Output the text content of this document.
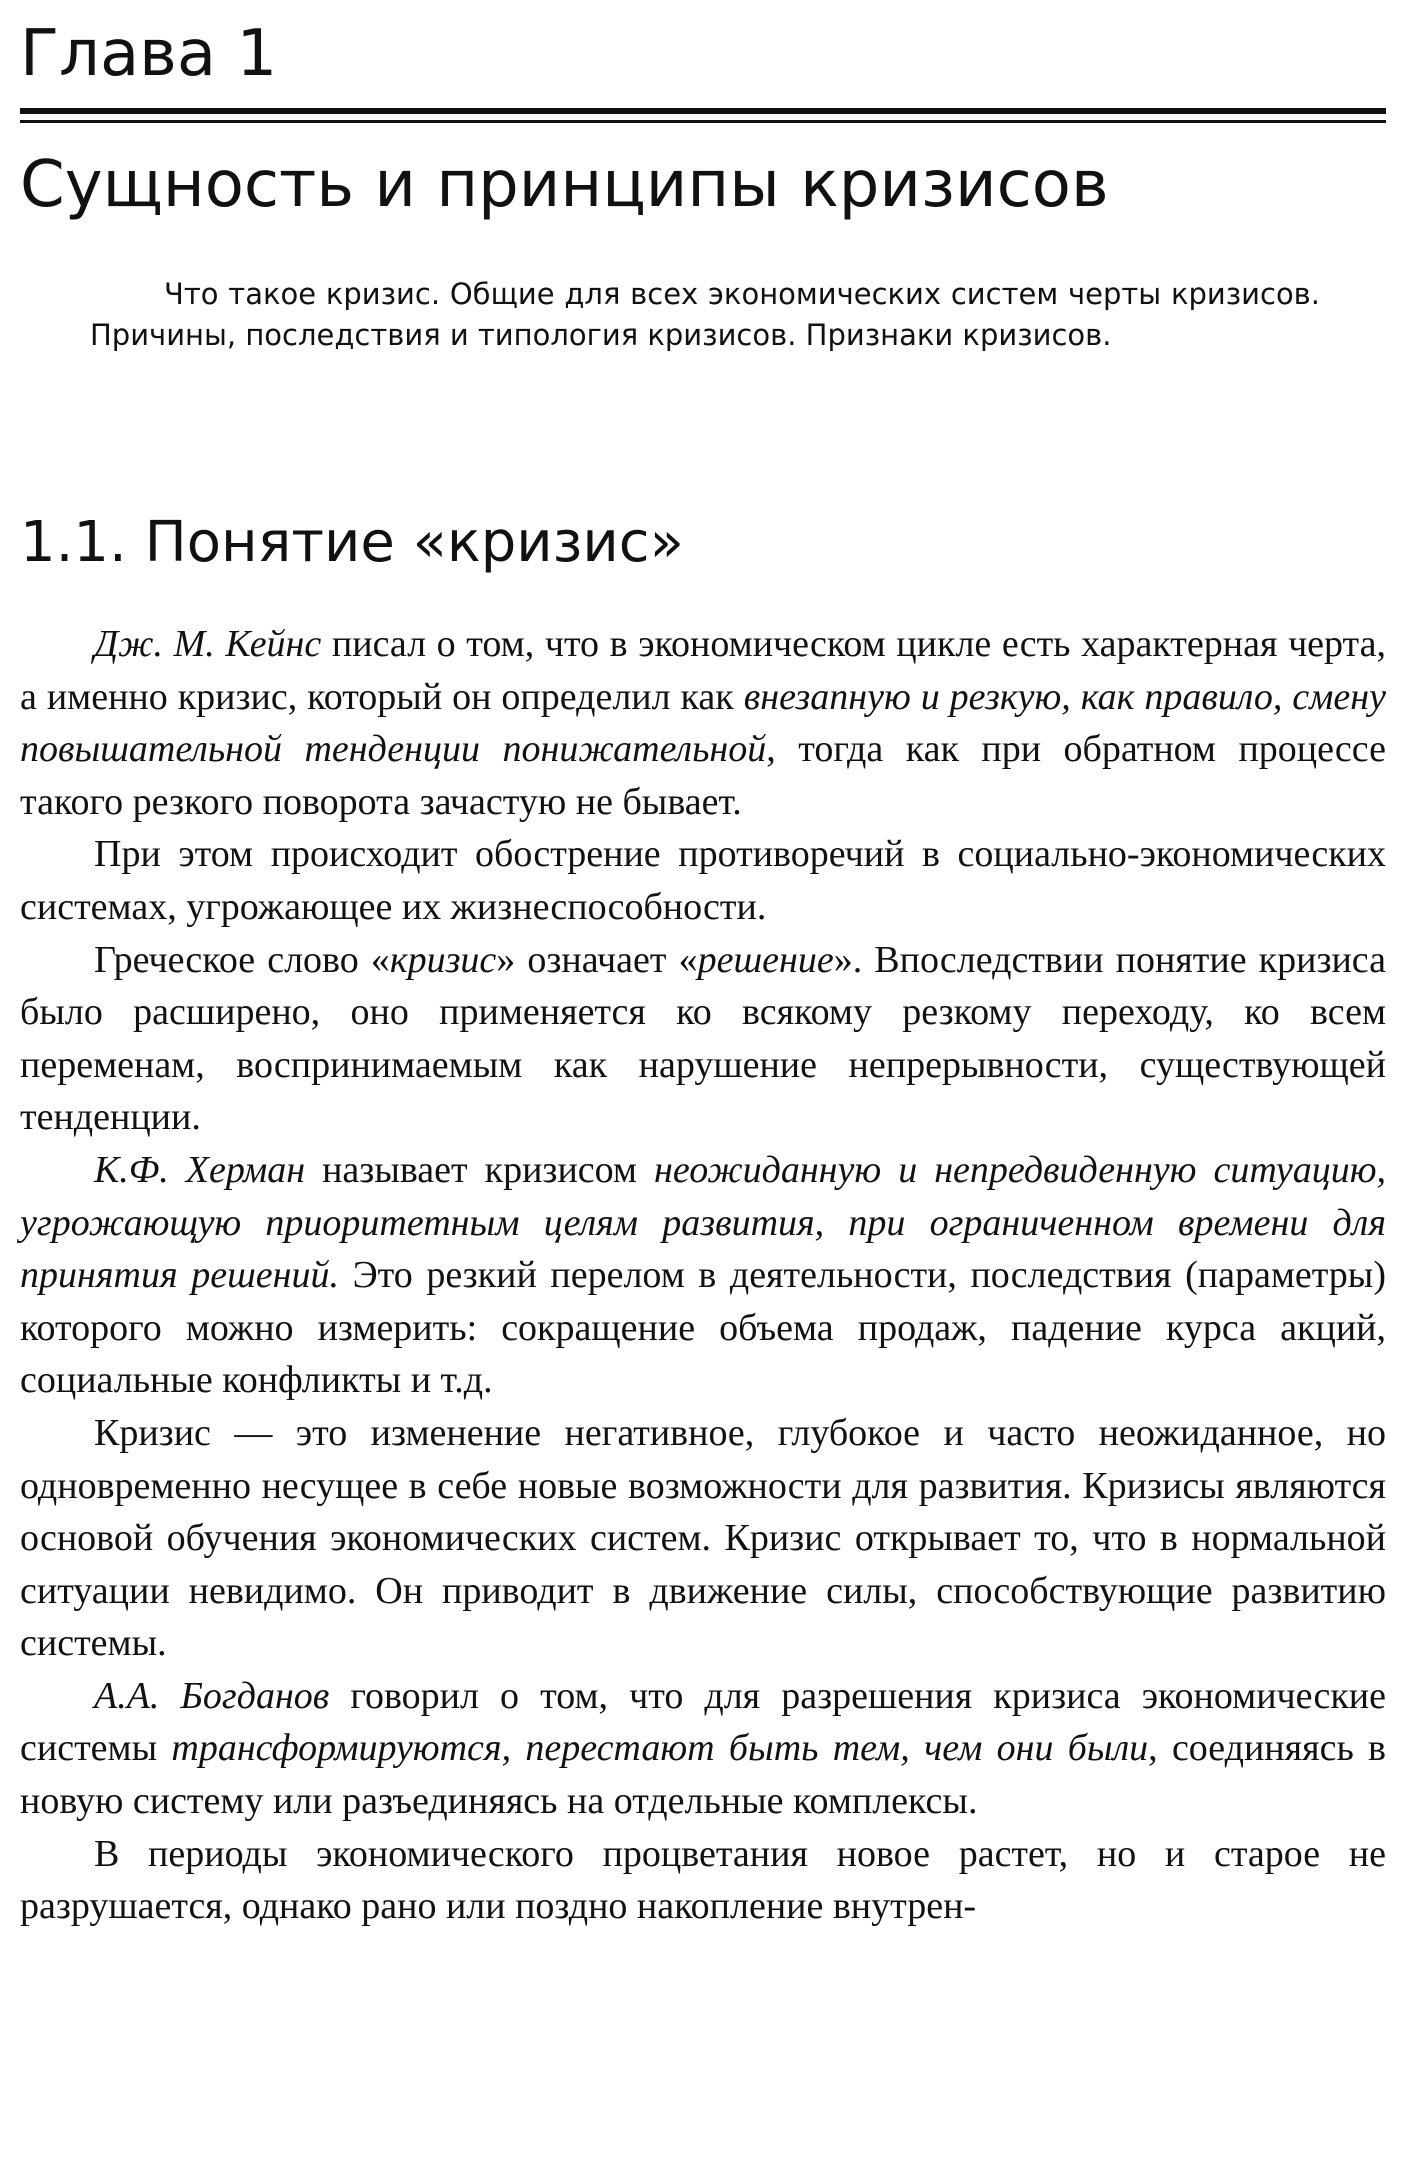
Глава 1
Сущность и принципы кризисов

Что такое кризис. Общие для всех экономических систем черты кризисов. Причины, последствия и типология кризисов. Признаки кризисов.

1.1. Понятие «кризис»

Дж. М. Кейнс писал о том, что в экономическом цикле есть характерная черта, а именно кризис, который он определил как внезапную и резкую, как правило, смену повышательной тенденции понижательной, тогда как при обратном процессе такого резкого поворота зачастую не бывает.

При этом происходит обострение противоречий в социально-экономических системах, угрожающее их жизнеспособности.

Греческое слово «кризис» означает «решение». Впоследствии понятие кризиса было расширено, оно применяется ко всякому резкому переходу, ко всем переменам, воспринимаемым как нарушение непрерывности, существующей тенденции.

К.Ф. Херман называет кризисом неожиданную и непредвиденную ситуацию, угрожающую приоритетным целям развития, при ограниченном времени для принятия решений. Это резкий перелом в деятельности, последствия (параметры) которого можно измерить: сокращение объема продаж, падение курса акций, социальные конфликты и т.д.

Кризис — это изменение негативное, глубокое и часто неожиданное, но одновременно несущее в себе новые возможности для развития. Кризисы являются основой обучения экономических систем. Кризис открывает то, что в нормальной ситуации невидимо. Он приводит в движение силы, способствующие развитию системы.

А.А. Богданов говорил о том, что для разрешения кризиса экономические системы трансформируются, перестают быть тем, чем они были, соединяясь в новую систему или разъединяясь на отдельные комплексы.

В периоды экономического процветания новое растет, но и старое не разрушается, однако рано или поздно накопление внутрен-
